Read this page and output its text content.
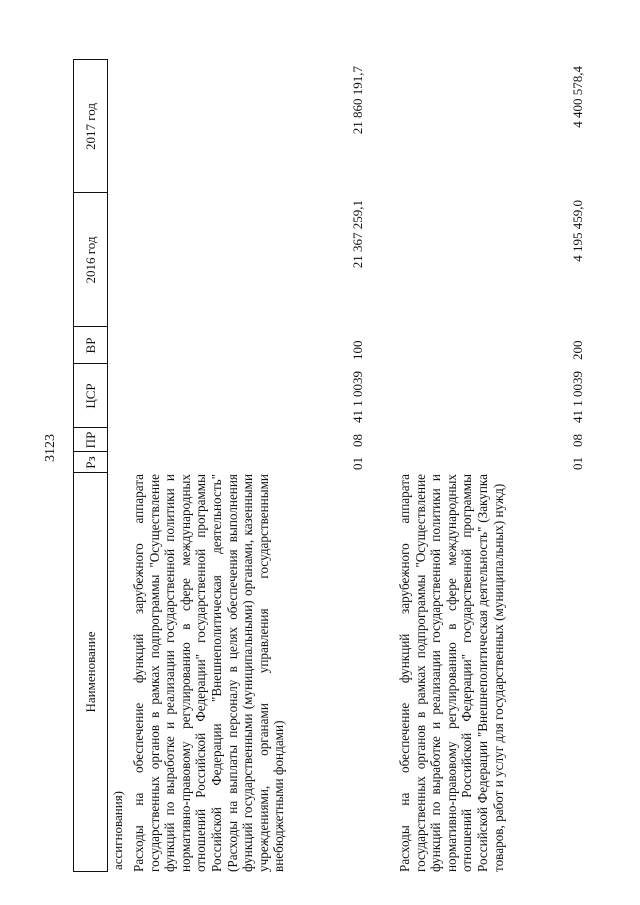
3123
Наименование
Рз
ПР
ЦСР
ВР
2016 год
2017 год
ассигнования) Расходы на обеспечение функций зарубежного аппарата государственных органов в рамках подпрограммы "Осуществление функций по выработке и реализации государственной политики и нормативно-правовому регулированию в сфере международных отношений Российской Федерации" государственной программы Российской Федерации "Внешнеполитическая деятельность" (Расходы на выплаты персоналу в целях обеспечения выполнения функций государственными (муниципальными) органами, казенными учреждениями, органами управления государственными внебюджетными фондами)
01
08
41 1 0039
100
21 367 259,1
21 860 191,7
Расходы на обеспечение функций зарубежного аппарата государственных органов в рамках подпрограммы "Осуществление функций по выработке и реализации государственной политики и нормативно-правовому регулированию в сфере международных отношений Российской Федерации" государственной программы Российской Федерации "Внешнеполитическая деятельность" (Закупка товаров, работ и услуг для государственных (муниципальных) нужд)
01
08
41 1 0039
200
4 195 459,0
4 400 578,4
